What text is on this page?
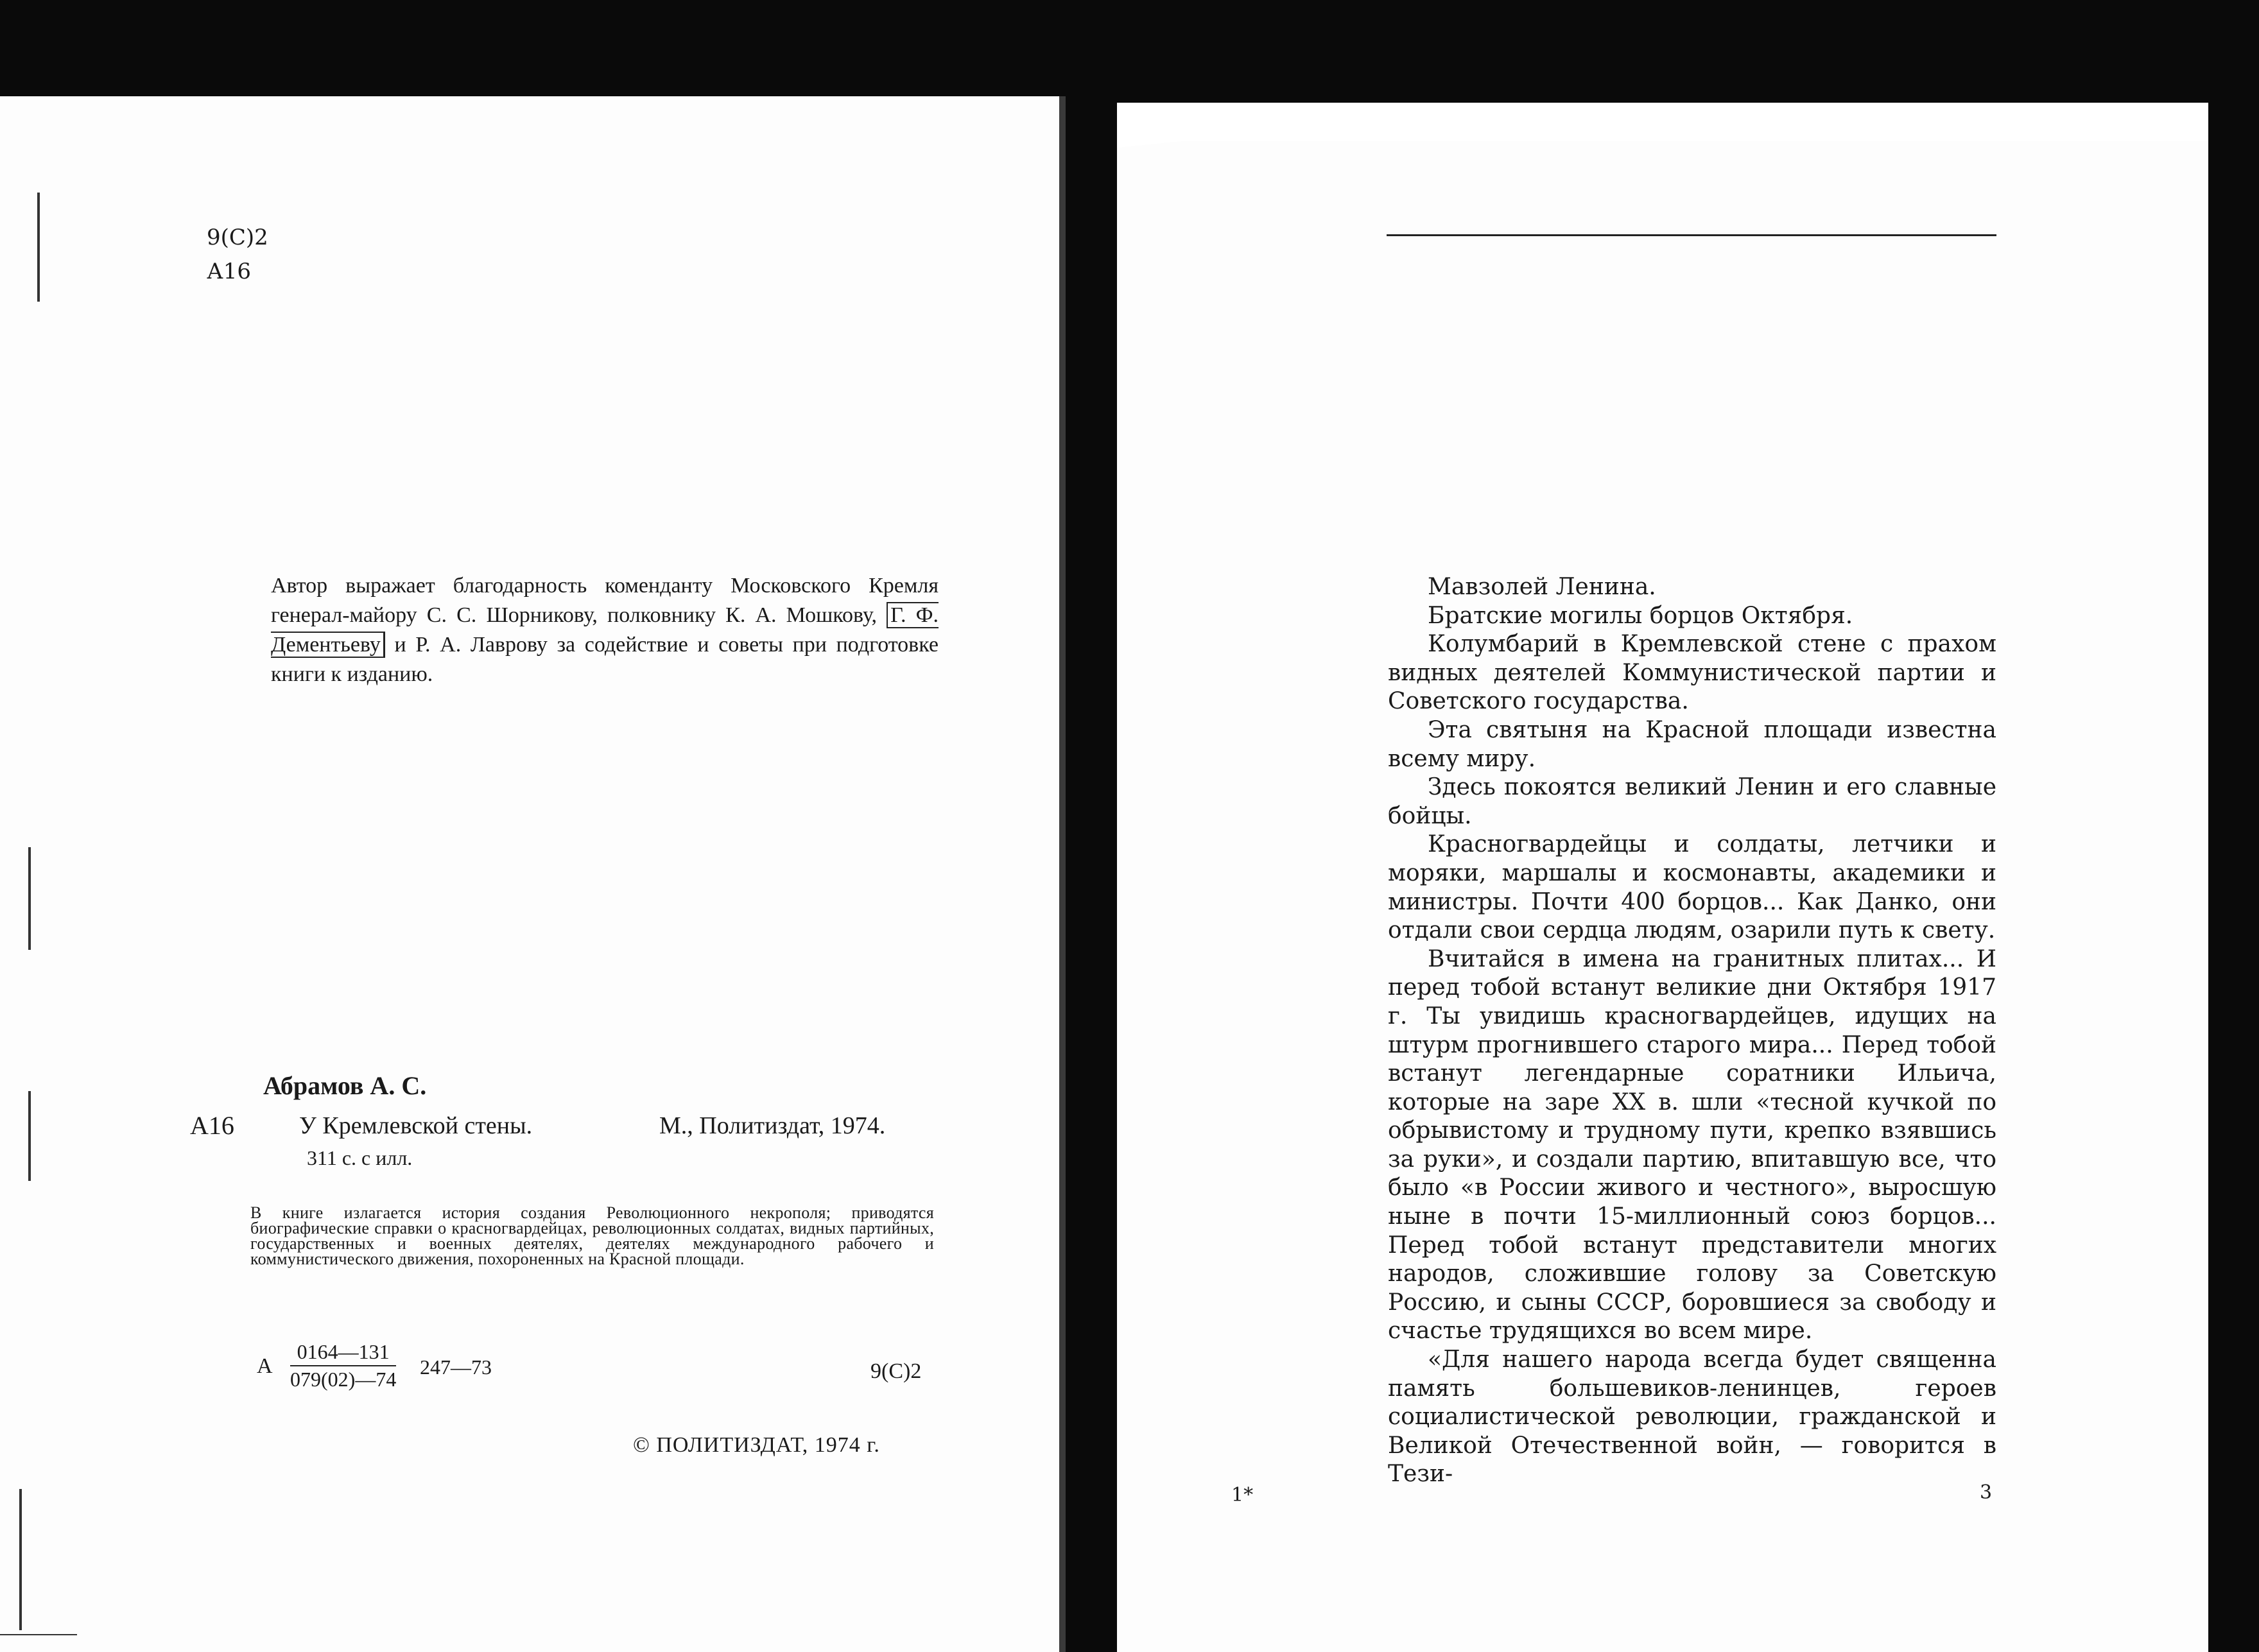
9(С)2
А16
Автор выражает благодарность коменданту Московского Кремля генерал-майору С. С. Шорникову, полковнику К. А. Мошкову, Г. Ф. Дементьеву и Р. А. Лаврову за содействие и советы при подготовке книги к изданию.
Абрамов А. С.
А16	У Кремлевской стены.	М., Политиздат, 1974.
311 с. с илл.
В книге излагается история создания Революционного некрополя; приводятся биографические справки о красногвардейцах, революционных солдатах, видных партийных, государственных и военных деятелях, деятелях международного рабочего и коммунистического движения, похороненных на Красной площади.
А $\frac{0164—131}{079(02)—74}$ 247—73	9(С)2
© ПОЛИТИЗДАТ, 1974 г.

Мавзолей Ленина.

Братские могилы борцов Октября.

Колумбарий в Кремлевской стене с прахом видных деятелей Коммунистической партии и Советского государства.

Эта святыня на Красной площади известна всему миру.

Здесь покоятся великий Ленин и его славные бойцы.

Красногвардейцы и солдаты, летчики и моряки, маршалы и космонавты, академики и министры. Почти 400 борцов... Как Данко, они отдали свои сердца людям, озарили путь к свету.

Вчитайся в имена на гранитных плитах... И перед тобой встанут великие дни Октября 1917 г. Ты увидишь красногвардейцев, идущих на штурм прогнившего старого мира... Перед тобой встанут легендарные соратники Ильича, которые на заре XX в. шли «тесной кучкой по обрывистому и трудному пути, крепко взявшись за руки», и создали партию, впитавшую все, что было «в России живого и честного», выросшую ныне в почти 15-миллионный союз борцов... Перед тобой встанут представители многих народов, сложившие голову за Советскую Россию, и сыны СССР, боровшиеся за свободу и счастье трудящихся во всем мире.

«Для нашего народа всегда будет священна память большевиков-ленинцев, героев социалистической революции, гражданской и Великой Отечественной войн, — говорится в Тези-

1*	3
